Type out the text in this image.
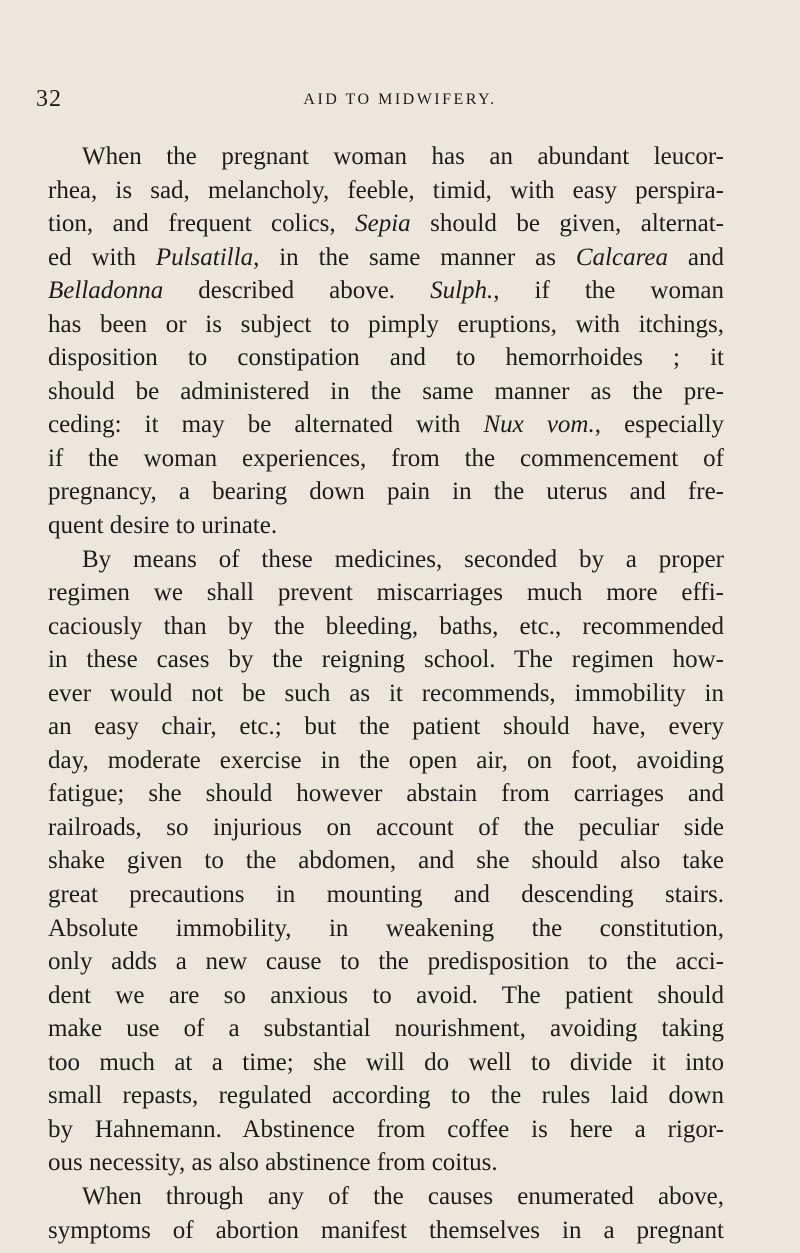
32	AID TO MIDWIFERY.
When the pregnant woman has an abundant leucor-
rhea, is sad, melancholy, feeble, timid, with easy perspira-
tion, and frequent colics, Sepia should be given, alternat-
ed with Pulsatilla, in the same manner as Calcarea and
Belladonna described above. Sulph., if the woman
has been or is subject to pimply eruptions, with itchings,
disposition to constipation and to hemorrhoides ; it
should be administered in the same manner as the pre-
ceding: it may be alternated with Nux vom., especially
if the woman experiences, from the commencement of
pregnancy, a bearing down pain in the uterus and fre-
quent desire to urinate.
By means of these medicines, seconded by a proper
regimen we shall prevent miscarriages much more effi-
caciously than by the bleeding, baths, etc., recommended
in these cases by the reigning school. The regimen how-
ever would not be such as it recommends, immobility in
an easy chair, etc.; but the patient should have, every
day, moderate exercise in the open air, on foot, avoiding
fatigue; she should however abstain from carriages and
railroads, so injurious on account of the peculiar side
shake given to the abdomen, and she should also take
great precautions in mounting and descending stairs.
Absolute immobility, in weakening the constitution,
only adds a new cause to the predisposition to the acci-
dent we are so anxious to avoid. The patient should
make use of a substantial nourishment, avoiding taking
too much at a time; she will do well to divide it into
small repasts, regulated according to the rules laid down
by Hahnemann. Abstinence from coffee is here a rigor-
ous necessity, as also abstinence from coitus.
When through any of the causes enumerated above,
symptoms of abortion manifest themselves in a pregnant
